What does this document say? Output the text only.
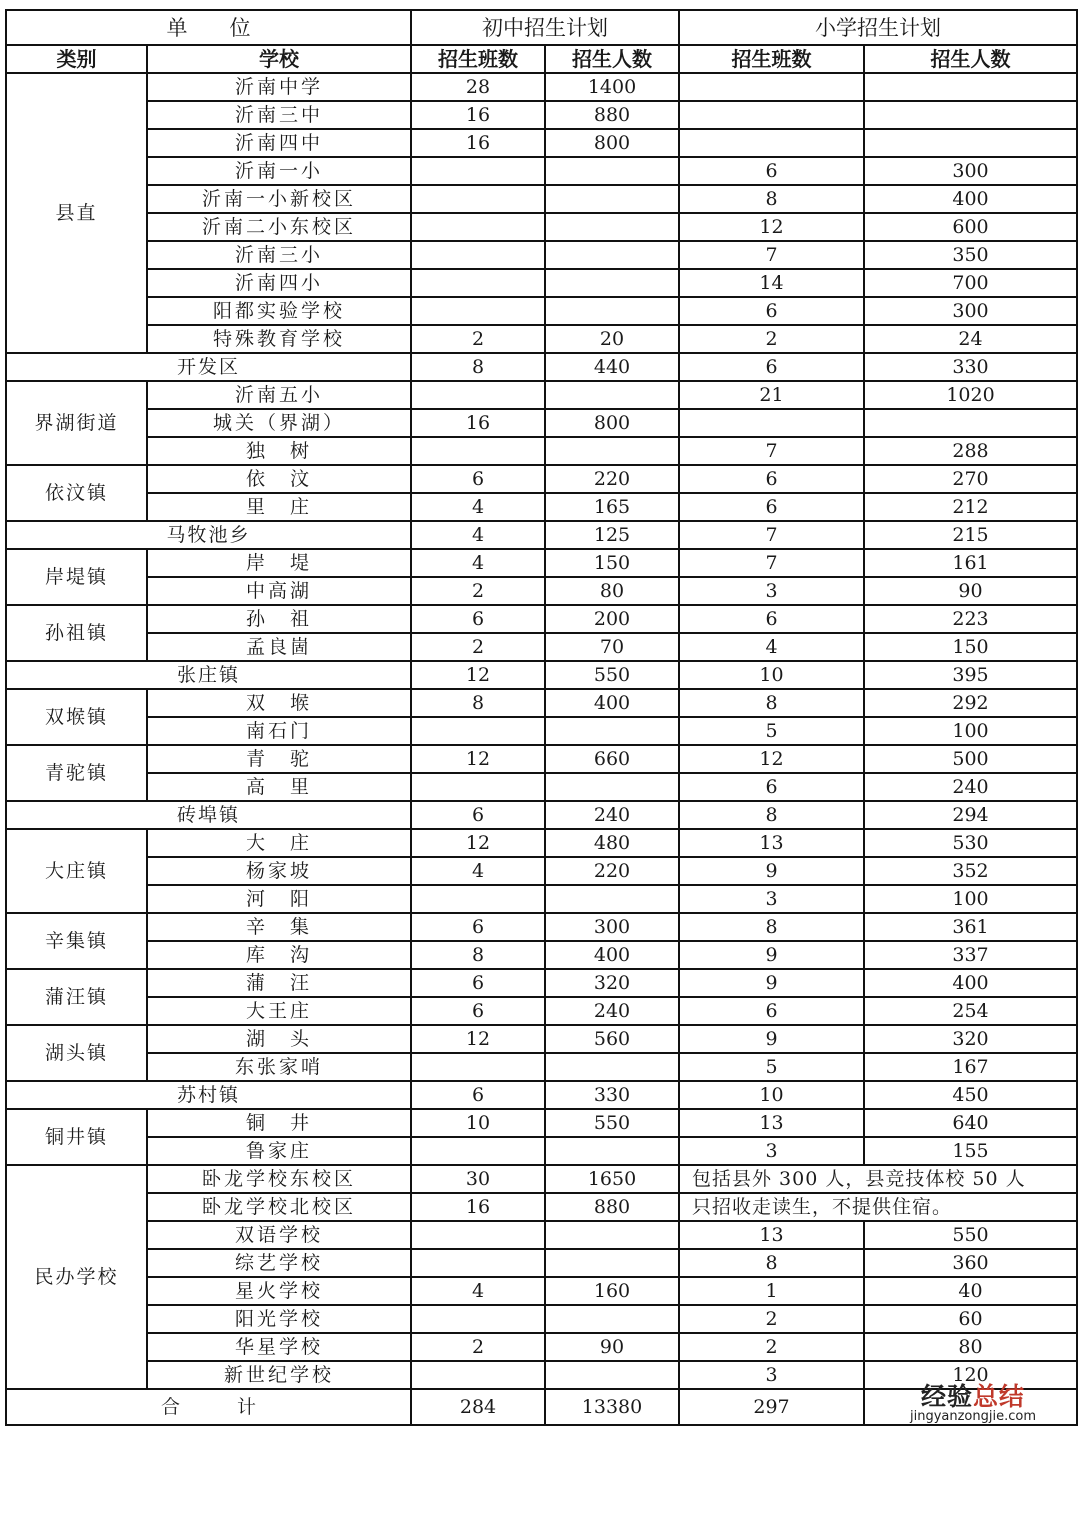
单　　位		初中招生计划		小学招生计划	
类别	学校	招生班数	招生人数	招生班数	招生人数
县直	沂南中学	28	1400		
	沂南三中	16	880		
	沂南四中	16	800		
	沂南一小			6	300
	沂南一小新校区			8	400
	沂南二小东校区			12	600
	沂南三小			7	350
	沂南四小			14	700
	阳都实验学校			6	300
	特殊教育学校	2	20	2	24
开发区		8	440	6	330
界湖街道	沂南五小			21	1020
	城关（界湖）	16	800		
	独　树			7	288
依汶镇	依　汶	6	220	6	270
	里　庄	4	165	6	212
马牧池乡		4	125	7	215
岸堤镇	岸　堤	4	150	7	161
	中高湖	2	80	3	90
孙祖镇	孙　祖	6	200	6	223
	孟良崮	2	70	4	150
张庄镇		12	550	10	395
双堠镇	双　堠	8	400	8	292
	南石门			5	100
青驼镇	青　驼	12	660	12	500
	高　里			6	240
砖埠镇		6	240	8	294
大庄镇	大　庄	12	480	13	530
	杨家坡	4	220	9	352
	河　阳			3	100
辛集镇	辛　集	6	300	8	361
	库　沟	8	400	9	337
蒲汪镇	蒲　汪	6	320	9	400
	大王庄	6	240	6	254
湖头镇	湖　头	12	560	9	320
	东张家哨			5	167
苏村镇		6	330	10	450
铜井镇	铜　井	10	550	13	640
	鲁家庄			3	155
民办学校	卧龙学校东校区	30	1650	包括县外 300 人，县竞技体校 50 人	
	卧龙学校北校区	16	880	只招收走读生，不提供住宿。	
	双语学校			13	550
	综艺学校			8	360
	星火学校	4	160	1	40
	阳光学校			2	60
	华星学校	2	90	2	80
	新世纪学校			3	120
合　　　计		284	13380	297		经验总结
jingyanzongjie.com
